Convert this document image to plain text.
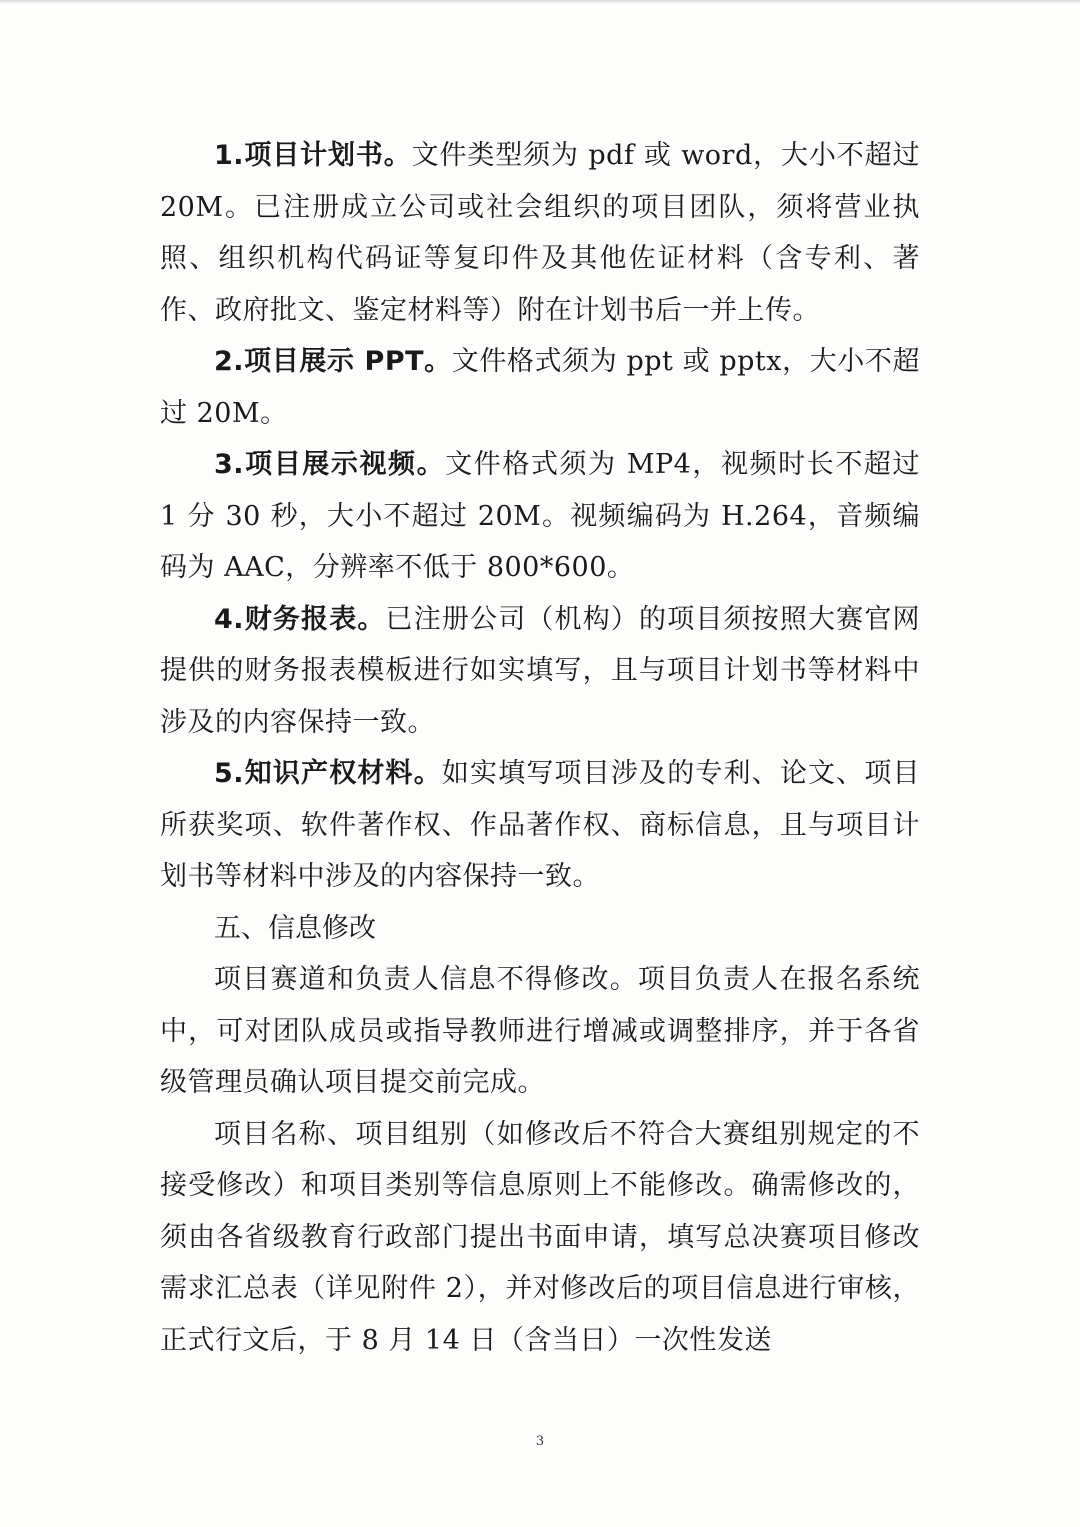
1.项目计划书。文件类型须为 pdf 或 word，大小不超过 20M。已注册成立公司或社会组织的项目团队，须将营业执照、组织机构代码证等复印件及其他佐证材料（含专利、著作、政府批文、鉴定材料等）附在计划书后一并上传。

2.项目展示 PPT。文件格式须为 ppt 或 pptx，大小不超过 20M。

3.项目展示视频。文件格式须为 MP4，视频时长不超过 1 分 30 秒，大小不超过 20M。视频编码为 H.264，音频编码为 AAC，分辨率不低于 800*600。

4.财务报表。已注册公司（机构）的项目须按照大赛官网提供的财务报表模板进行如实填写，且与项目计划书等材料中涉及的内容保持一致。

5.知识产权材料。如实填写项目涉及的专利、论文、项目所获奖项、软件著作权、作品著作权、商标信息，且与项目计划书等材料中涉及的内容保持一致。

五、信息修改

项目赛道和负责人信息不得修改。项目负责人在报名系统中，可对团队成员或指导教师进行增减或调整排序，并于各省级管理员确认项目提交前完成。

项目名称、项目组别（如修改后不符合大赛组别规定的不接受修改）和项目类别等信息原则上不能修改。确需修改的，须由各省级教育行政部门提出书面申请，填写总决赛项目修改需求汇总表（详见附件 2），并对修改后的项目信息进行审核，正式行文后，于 8 月 14 日（含当日）一次性发送

3
